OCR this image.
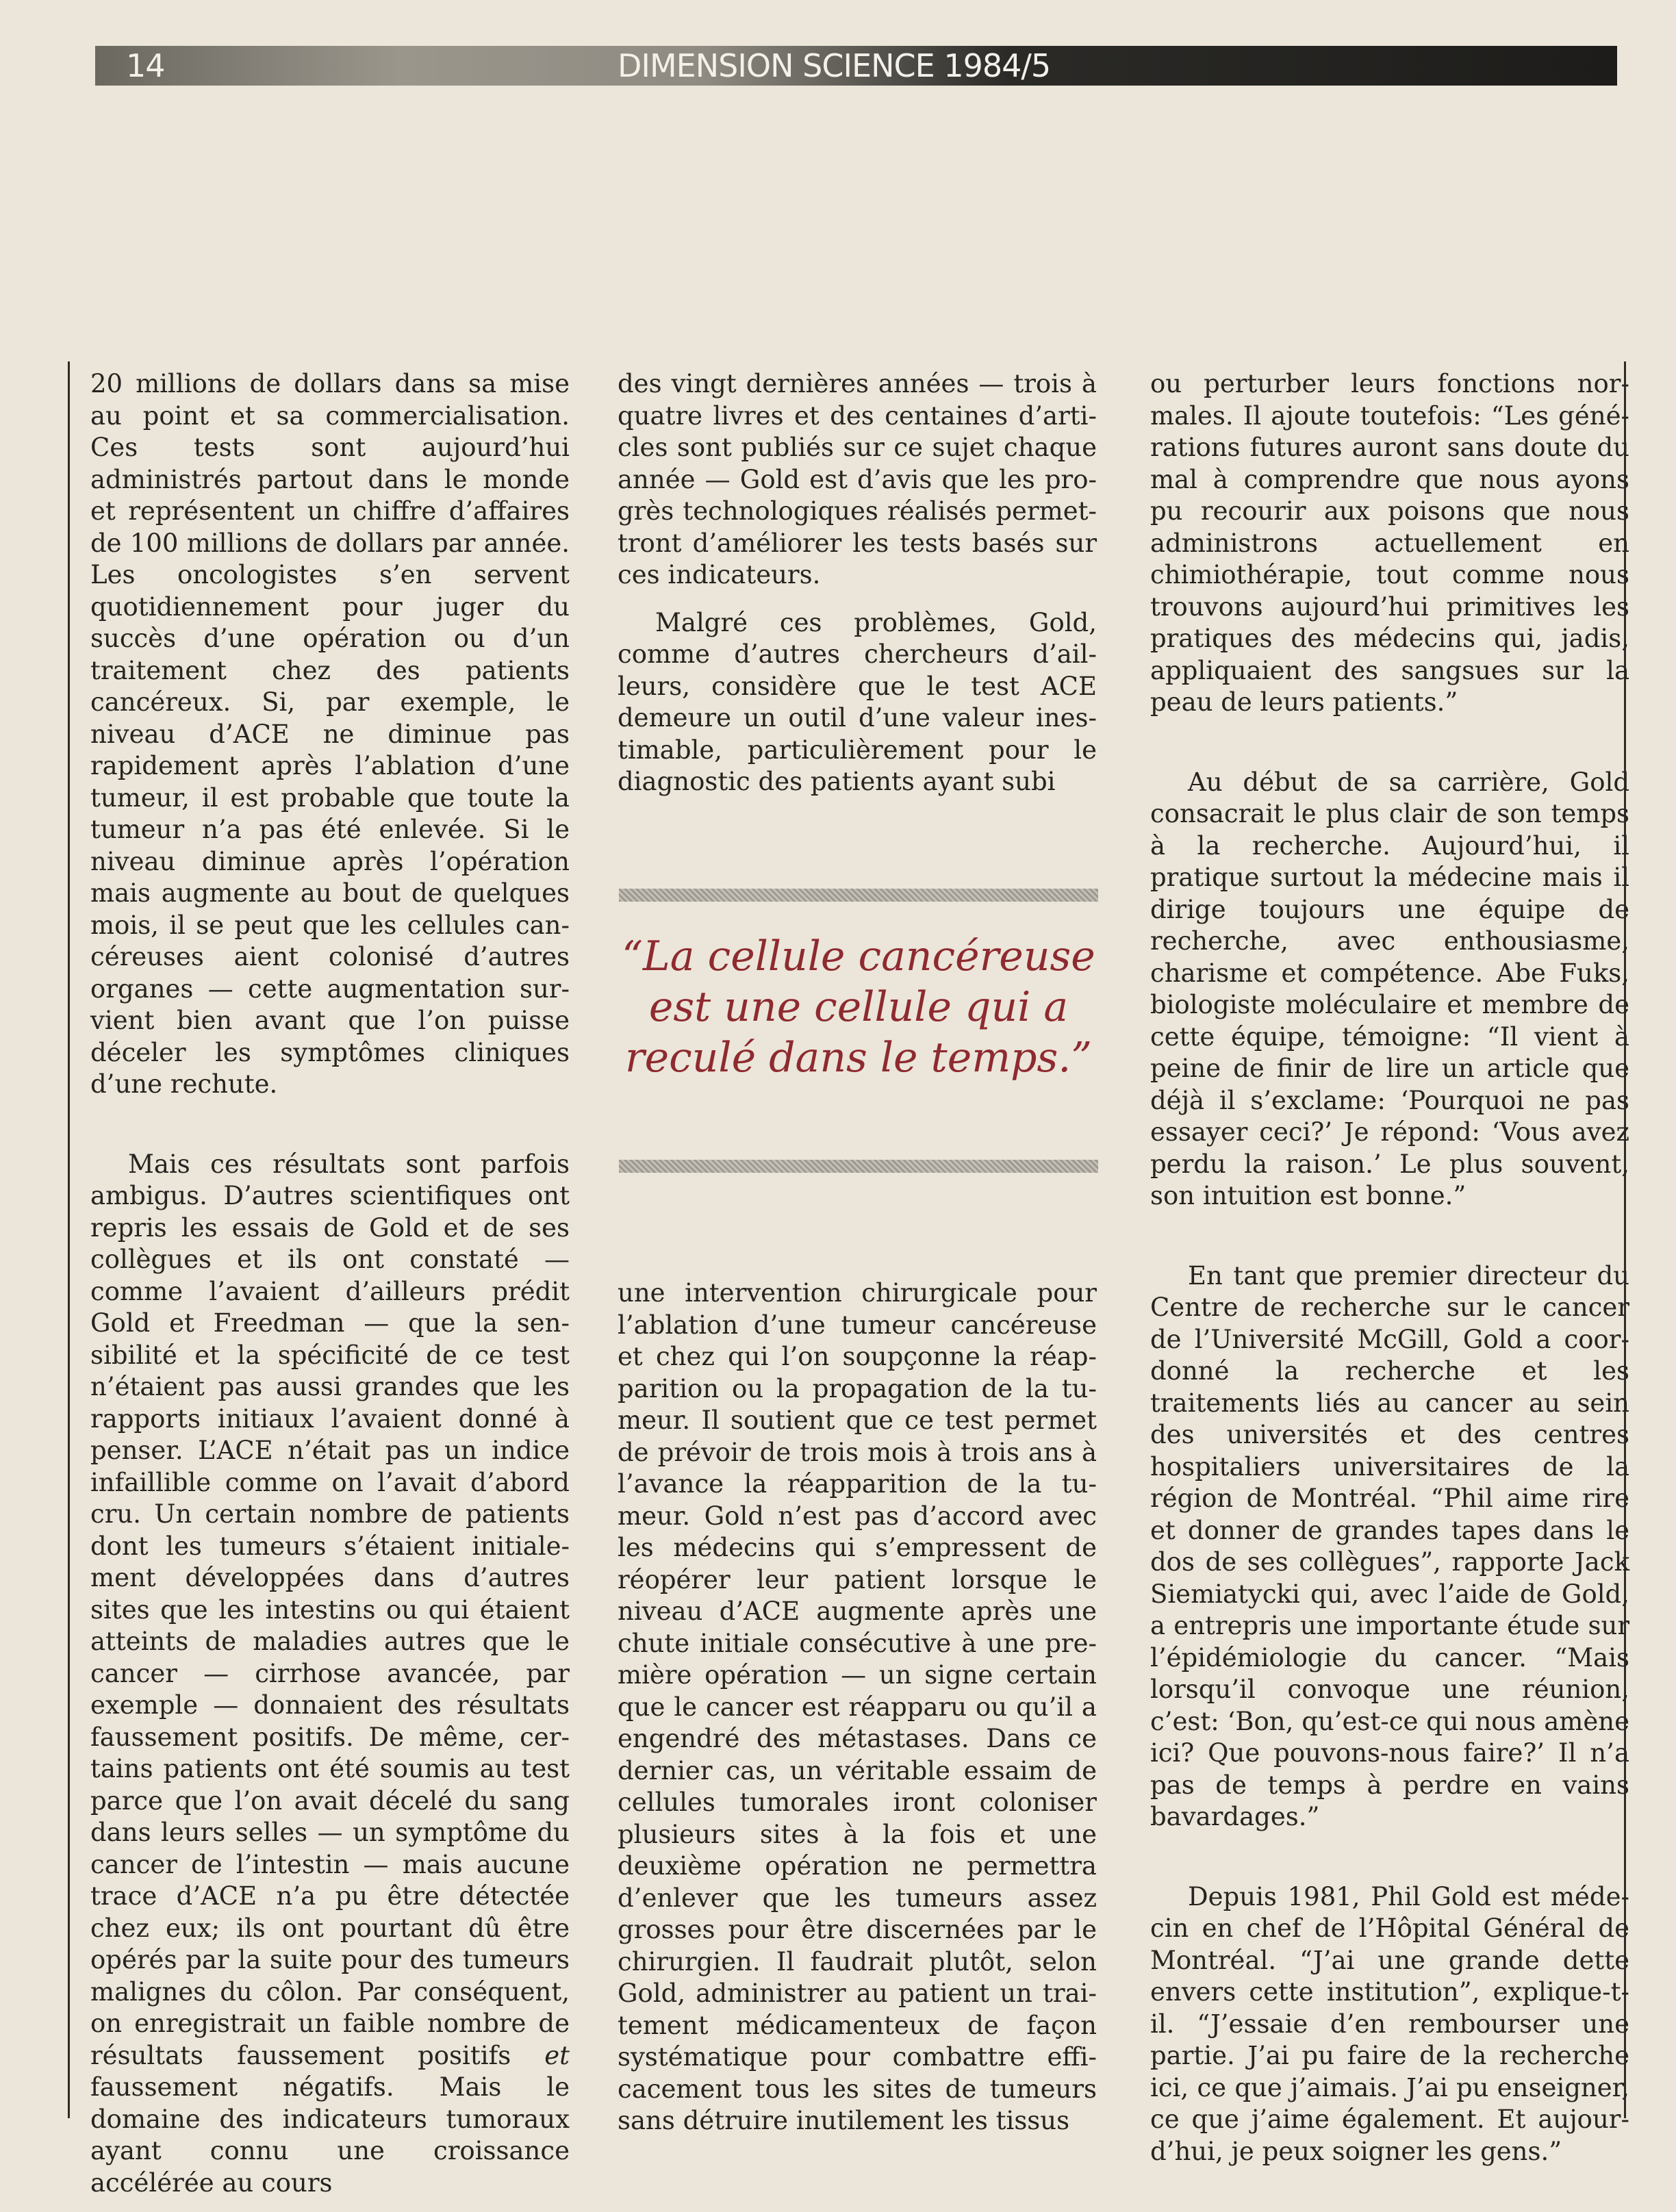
14	DIMENSION SCIENCE 1984/5

20 millions de dollars dans sa mise au point et sa commercialisation. Ces tests sont aujourd’hui administrés partout dans le monde et représentent un chiffre d’affaires de 100 millions de dollars par année. Les oncologistes s’en servent quotidiennement pour juger du succès d’une opération ou d’un traitement chez des patients cancéreux. Si, par exemple, le niveau d’ACE ne diminue pas rapidement après l’ablation d’une tumeur, il est probable que toute la tumeur n’a pas été enlevée. Si le niveau diminue après l’opération mais augmente au bout de quelques mois, il se peut que les cellules cancéreuses aient colonisé d’autres organes — cette augmentation survient bien avant que l’on puisse déceler les symptômes cliniques d’une rechute.

Mais ces résultats sont parfois ambigus. D’autres scientifiques ont repris les essais de Gold et de ses collègues et ils ont constaté — comme l’avaient d’ailleurs prédit Gold et Freedman — que la sensibilité et la spécificité de ce test n’étaient pas aussi grandes que les rapports initiaux l’avaient donné à penser. L’ACE n’était pas un indice infaillible comme on l’avait d’abord cru. Un certain nombre de patients dont les tumeurs s’étaient initialement développées dans d’autres sites que les intestins ou qui étaient atteints de maladies autres que le cancer — cirrhose avancée, par exemple — donnaient des résultats faussement positifs. De même, certains patients ont été soumis au test parce que l’on avait décelé du sang dans leurs selles — un symptôme du cancer de l’intestin — mais aucune trace d’ACE n’a pu être détectée chez eux; ils ont pourtant dû être opérés par la suite pour des tumeurs malignes du côlon. Par conséquent, on enregistrait un faible nombre de résultats faussement positifs et faussement négatifs. Mais le domaine des indicateurs tumoraux ayant connu une croissance accélérée au cours

des vingt dernières années — trois à quatre livres et des centaines d’articles sont publiés sur ce sujet chaque année — Gold est d’avis que les progrès technologiques réalisés permettront d’améliorer les tests basés sur ces indicateurs.

Malgré ces problèmes, Gold, comme d’autres chercheurs d’ailleurs, considère que le test ACE demeure un outil d’une valeur inestimable, particulièrement pour le diagnostic des patients ayant subi

“La cellule cancéreuse est une cellule qui a reculé dans le temps.”

une intervention chirurgicale pour l’ablation d’une tumeur cancéreuse et chez qui l’on soupçonne la réapparition ou la propagation de la tumeur. Il soutient que ce test permet de prévoir de trois mois à trois ans à l’avance la réapparition de la tumeur. Gold n’est pas d’accord avec les médecins qui s’empressent de réopérer leur patient lorsque le niveau d’ACE augmente après une chute initiale consécutive à une première opération — un signe certain que le cancer est réapparu ou qu’il a engendré des métastases. Dans ce dernier cas, un véritable essaim de cellules tumorales iront coloniser plusieurs sites à la fois et une deuxième opération ne permettra d’enlever que les tumeurs assez grosses pour être discernées par le chirurgien. Il faudrait plutôt, selon Gold, administrer au patient un traitement médicamenteux de façon systématique pour combattre efficacement tous les sites de tumeurs sans détruire inutilement les tissus

ou perturber leurs fonctions normales. Il ajoute toutefois: “Les générations futures auront sans doute du mal à comprendre que nous ayons pu recourir aux poisons que nous administrons actuellement en chimiothérapie, tout comme nous trouvons aujourd’hui primitives les pratiques des médecins qui, jadis, appliquaient des sangsues sur la peau de leurs patients.”

Au début de sa carrière, Gold consacrait le plus clair de son temps à la recherche. Aujourd’hui, il pratique surtout la médecine mais il dirige toujours une équipe de recherche, avec enthousiasme, charisme et compétence. Abe Fuks, biologiste moléculaire et membre de cette équipe, témoigne: “Il vient à peine de finir de lire un article que déjà il s’exclame: ‘Pourquoi ne pas essayer ceci?’ Je répond: ‘Vous avez perdu la raison.’ Le plus souvent, son intuition est bonne.”

En tant que premier directeur du Centre de recherche sur le cancer de l’Université McGill, Gold a coordonné la recherche et les traitements liés au cancer au sein des universités et des centres hospitaliers universitaires de la région de Montréal. “Phil aime rire et donner de grandes tapes dans le dos de ses collègues”, rapporte Jack Siemiatycki qui, avec l’aide de Gold, a entrepris une importante étude sur l’épidémiologie du cancer. “Mais lorsqu’il convoque une réunion, c’est: ‘Bon, qu’est-ce qui nous amène ici? Que pouvons-nous faire?’ Il n’a pas de temps à perdre en vains bavardages.”

Depuis 1981, Phil Gold est médecin en chef de l’Hôpital Général de Montréal. “J’ai une grande dette envers cette institution”, explique-t-il. “J’essaie d’en rembourser une partie. J’ai pu faire de la recherche ici, ce que j’aimais. J’ai pu enseigner, ce que j’aime également. Et aujourd’hui, je peux soigner les gens.”
